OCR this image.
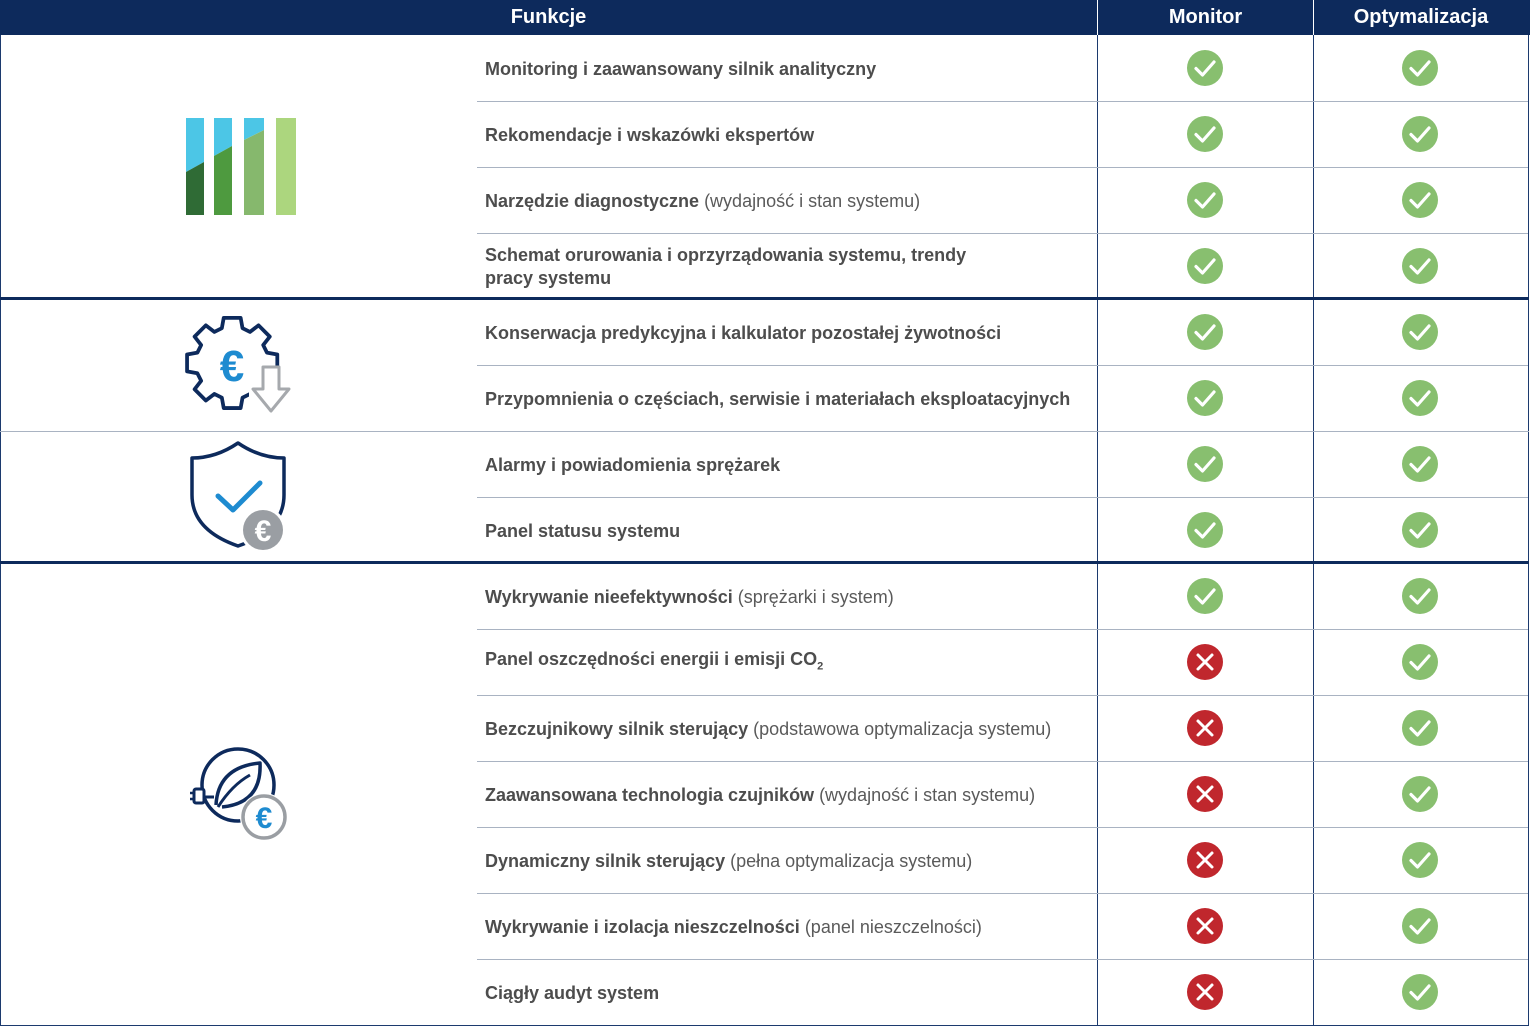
Funkcje	Monitor	Optymalizacja
€
€
€
Monitoring i zaawansowany silnik analityczny
Rekomendacje i wskazówki ekspertów
Narzędzie diagnostyczne (wydajność i stan systemu)
Schemat orurowania i oprzyrządowania systemu, trendy
pracy systemu
Konserwacja predykcyjna i kalkulator pozostałej żywotności
Przypomnienia o częściach, serwisie i materiałach eksploatacyjnych
Alarmy i powiadomienia sprężarek
Panel statusu systemu
Wykrywanie nieefektywności (sprężarki i system)
Panel oszczędności energii i emisji $CO_2$
Bezczujnikowy silnik sterujący (podstawowa optymalizacja systemu)
Zaawansowana technologia czujników (wydajność i stan systemu)
Dynamiczny silnik sterujący (pełna optymalizacja systemu)
Wykrywanie i izolacja nieszczelności (panel nieszczelności)
Ciągły audyt system
